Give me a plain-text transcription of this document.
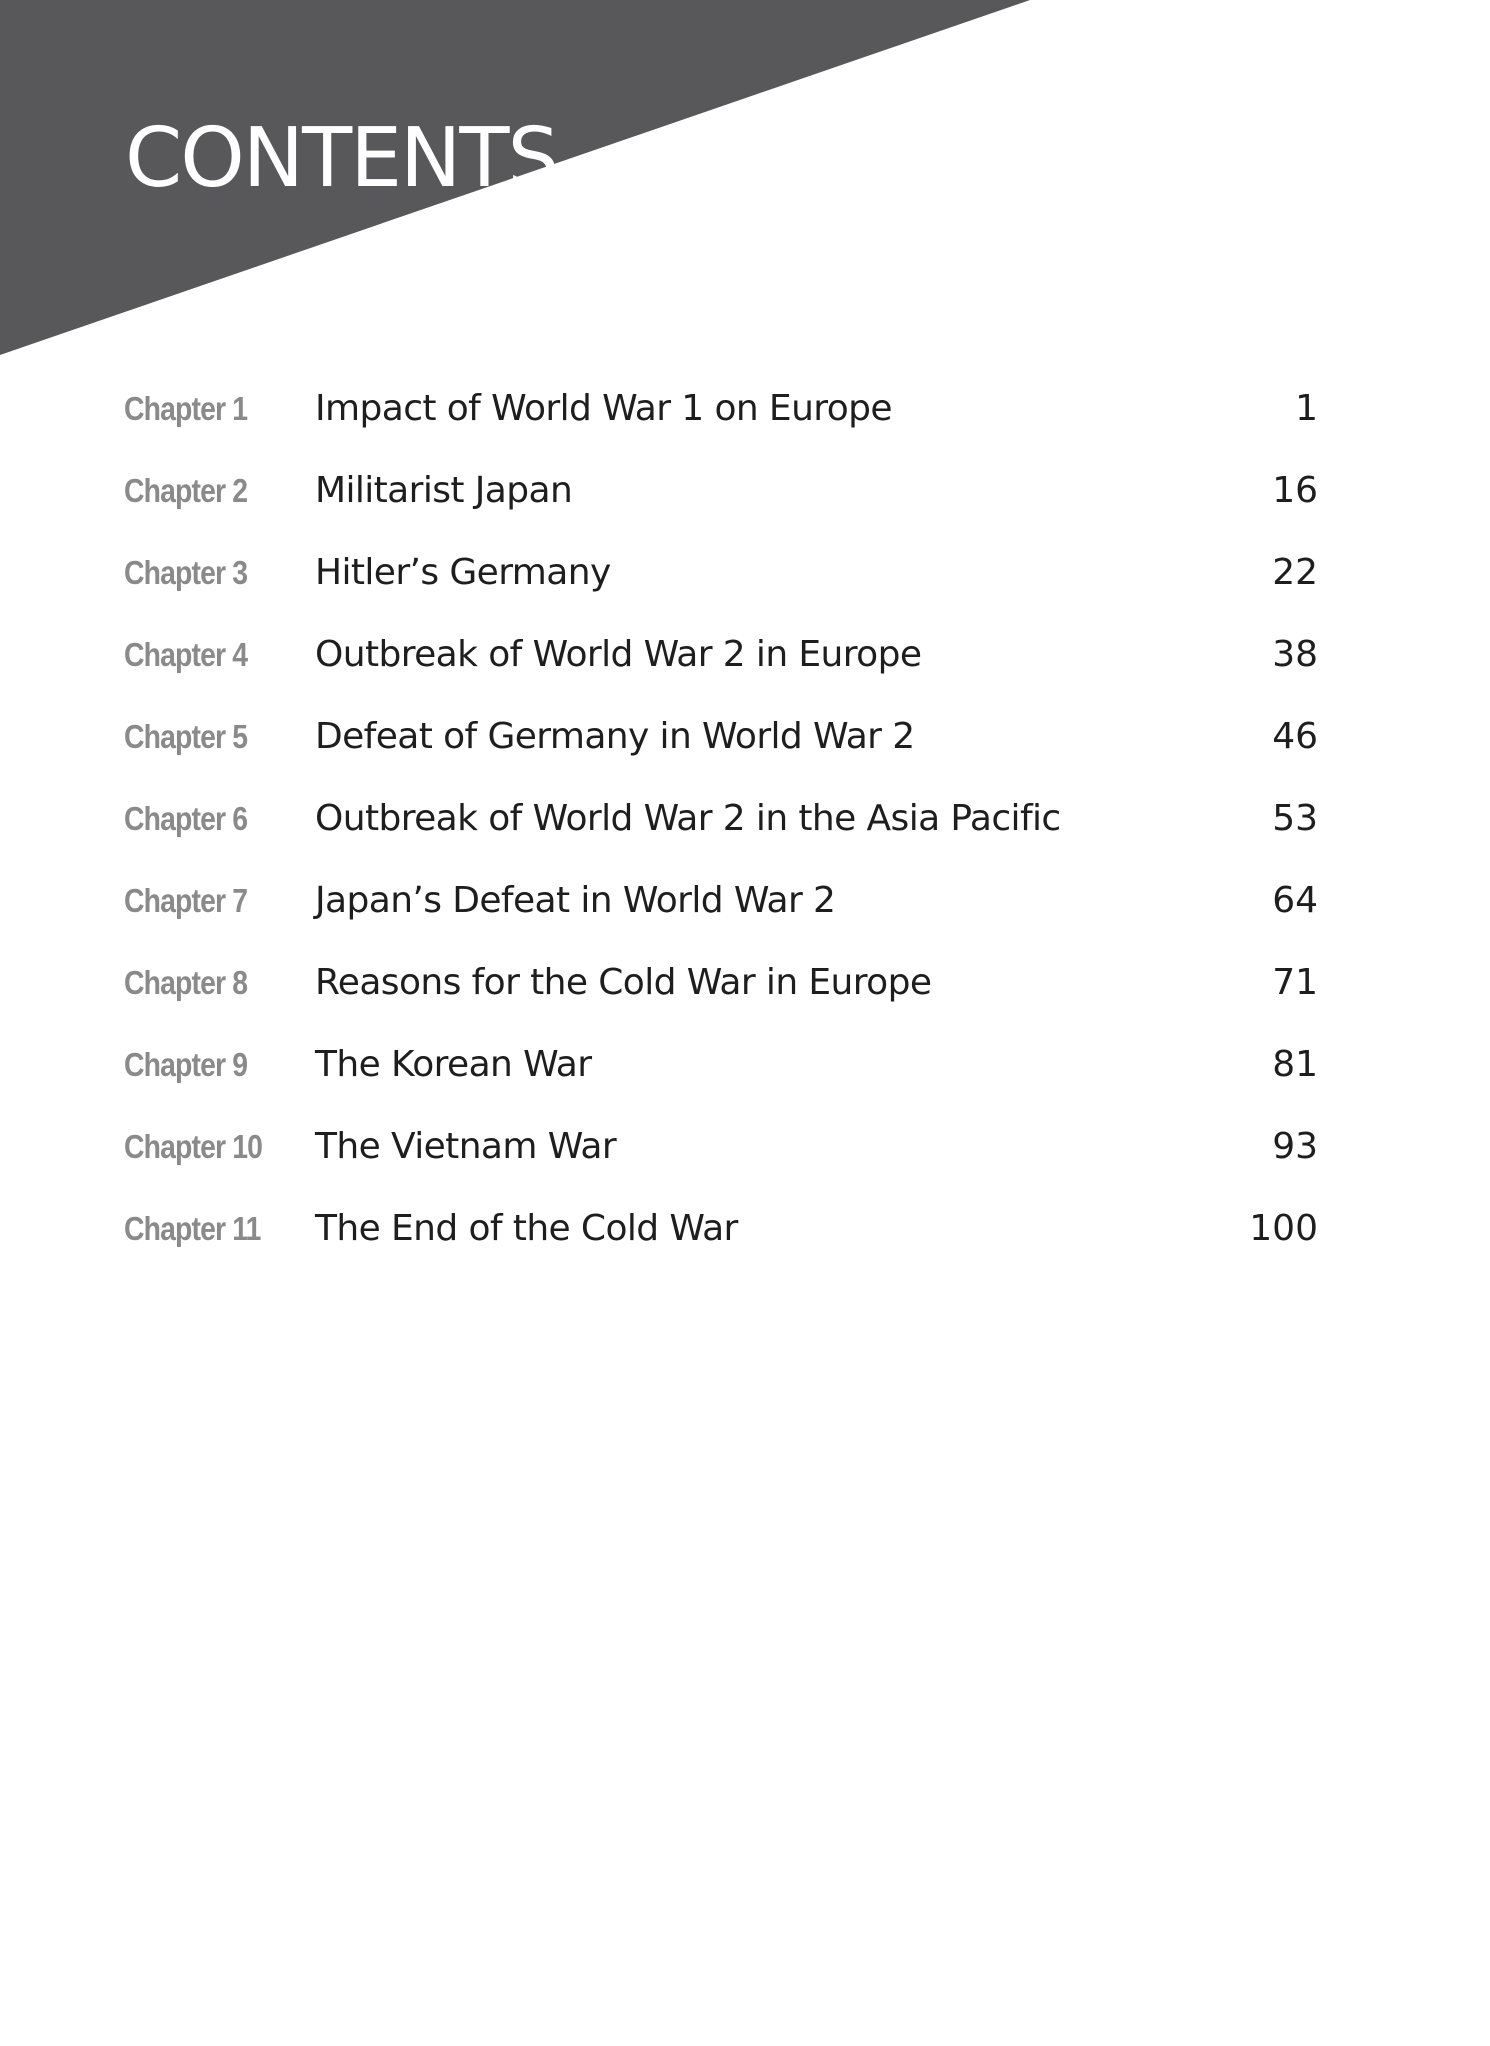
CONTENTS
Chapter 1 Impact of World War 1 on Europe	1
Chapter 2 Militarist Japan	16
Chapter 3 Hitler’s Germany	22
Chapter 4 Outbreak of World War 2 in Europe	38
Chapter 5 Defeat of Germany in World War 2	46
Chapter 6 Outbreak of World War 2 in the Asia Pacific	53
Chapter 7 Japan’s Defeat in World War 2	64
Chapter 8 Reasons for the Cold War in Europe	71
Chapter 9 The Korean War	81
Chapter 10 The Vietnam War	93
Chapter 11 The End of the Cold War	100
